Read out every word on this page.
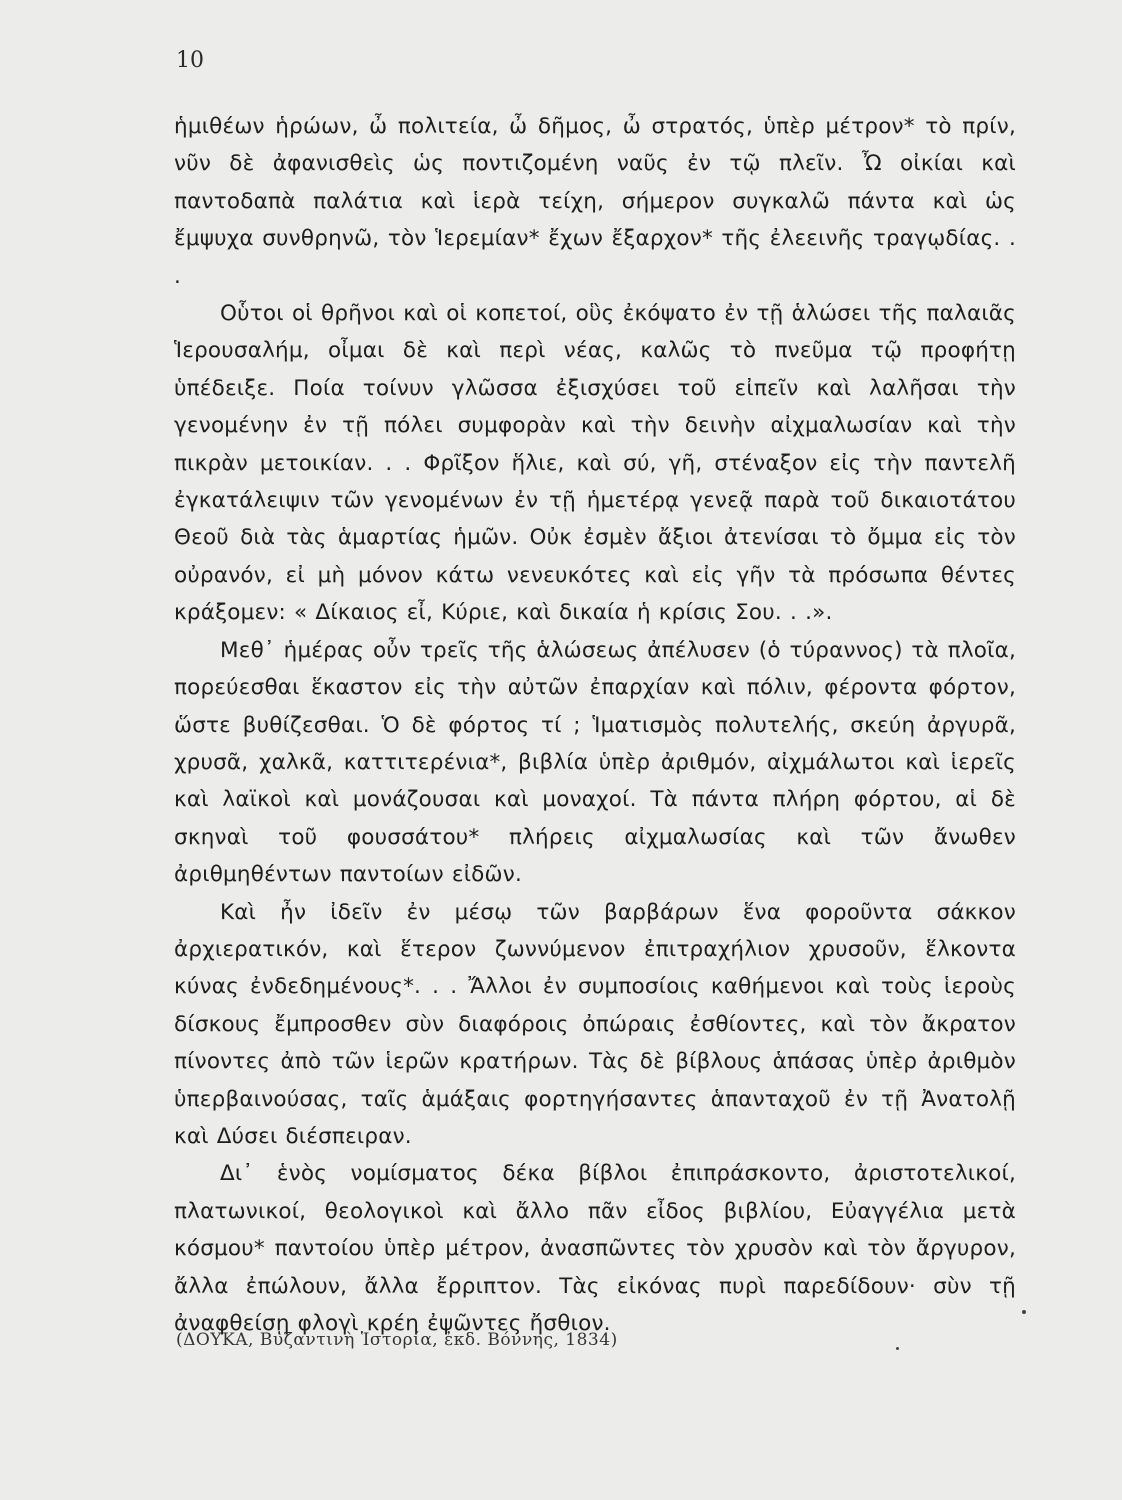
10

ἡμιθέων ἡρώων, ὦ πολιτεία, ὦ δῆμος, ὦ στρατός, ὑπὲρ μέτρον* τὸ πρίν, νῦν δὲ ἀφανισθεὶς ὡς ποντιζομένη ναῦς ἐν τῷ πλεῖν. Ὦ οἰκίαι καὶ παντοδαπὰ παλάτια καὶ ἱερὰ τείχη, σήμερον συγκαλῶ πάντα καὶ ὡς ἔμψυχα συνθρηνῶ, τὸν Ἱερεμίαν* ἔχων ἔξαρχον* τῆς ἐλεεινῆς τραγῳδίας. . .

Οὗτοι οἱ θρῆνοι καὶ οἱ κοπετοί, οὓς ἐκόψατο ἐν τῇ ἁλώσει τῆς παλαιᾶς Ἱερουσαλήμ, οἶμαι δὲ καὶ περὶ νέας, καλῶς τὸ πνεῦμα τῷ προφήτῃ ὑπέδειξε. Ποία τοίνυν γλῶσσα ἐξισχύσει τοῦ εἰπεῖν καὶ λαλῆσαι τὴν γενομένην ἐν τῇ πόλει συμφορὰν καὶ τὴν δεινὴν αἰχμαλωσίαν καὶ τὴν πικρὰν μετοικίαν. . . Φρῖξον ἥλιε, καὶ σύ, γῆ, στέναξον εἰς τὴν παντελῆ ἐγκατάλειψιν τῶν γενομένων ἐν τῇ ἡμετέρᾳ γενεᾷ παρὰ τοῦ δικαιοτάτου Θεοῦ διὰ τὰς ἁμαρτίας ἡμῶν. Οὐκ ἐσμὲν ἄξιοι ἀτενίσαι τὸ ὄμμα εἰς τὸν οὐρανόν, εἰ μὴ μόνον κάτω νενευκότες καὶ εἰς γῆν τὰ πρόσωπα θέντες κράξομεν: « Δίκαιος εἶ, Κύριε, καὶ δικαία ἡ κρίσις Σου. . .».

Μεθ᾽ ἡμέρας οὖν τρεῖς τῆς ἁλώσεως ἀπέλυσεν (ὁ τύραννος) τὰ πλοῖα, πορεύεσθαι ἕκαστον εἰς τὴν αὐτῶν ἐπαρχίαν καὶ πόλιν, φέροντα φόρτον, ὥστε βυθίζεσθαι. Ὁ δὲ φόρτος τί ; Ἱματισμὸς πολυτελής, σκεύη ἀργυρᾶ, χρυσᾶ, χαλκᾶ, καττιτερένια*, βιβλία ὑπὲρ ἀριθμόν, αἰχμάλωτοι καὶ ἱερεῖς καὶ λαϊκοὶ καὶ μονάζουσαι καὶ μοναχοί. Τὰ πάντα πλήρη φόρτου, αἱ δὲ σκηναὶ τοῦ φουσσάτου* πλήρεις αἰχμαλωσίας καὶ τῶν ἄνωθεν ἀριθμηθέντων παντοίων εἰδῶν.

Καὶ ἦν ἰδεῖν ἐν μέσῳ τῶν βαρβάρων ἕνα φοροῦντα σάκκον ἀρχιερατικόν, καὶ ἕτερον ζωννύμενον ἐπιτραχήλιον χρυσοῦν, ἕλκοντα κύνας ἐνδεδημένους*. . . Ἄλλοι ἐν συμποσίοις καθήμενοι καὶ τοὺς ἱεροὺς δίσκους ἔμπροσθεν σὺν διαφόροις ὀπώραις ἐσθίοντες, καὶ τὸν ἄκρατον πίνοντες ἀπὸ τῶν ἱερῶν κρατήρων. Τὰς δὲ βίβλους ἁπάσας ὑπὲρ ἀριθμὸν ὑπερβαινούσας, ταῖς ἁμάξαις φορτηγήσαντες ἁπανταχοῦ ἐν τῇ Ἀνατολῇ καὶ Δύσει διέσπειραν.

Δι᾽ ἑνὸς νομίσματος δέκα βίβλοι ἐπιπράσκοντο, ἀριστοτελικοί, πλατωνικοί, θεολογικοὶ καὶ ἄλλο πᾶν εἶδος βιβλίου, Εὐαγγέλια μετὰ κόσμου* παντοίου ὑπὲρ μέτρον, ἀνασπῶντες τὸν χρυσὸν καὶ τὸν ἄργυρον, ἄλλα ἐπώλουν, ἄλλα ἔρριπτον. Τὰς εἰκόνας πυρὶ παρεδίδουν· σὺν τῇ ἀναφθείσῃ φλογὶ κρέη ἐψῶντες ἤσθιον.

(ΔΟΥΚΑ, Βυζαντινὴ Ἱστορία, ἐκδ. Βόννης, 1834)
